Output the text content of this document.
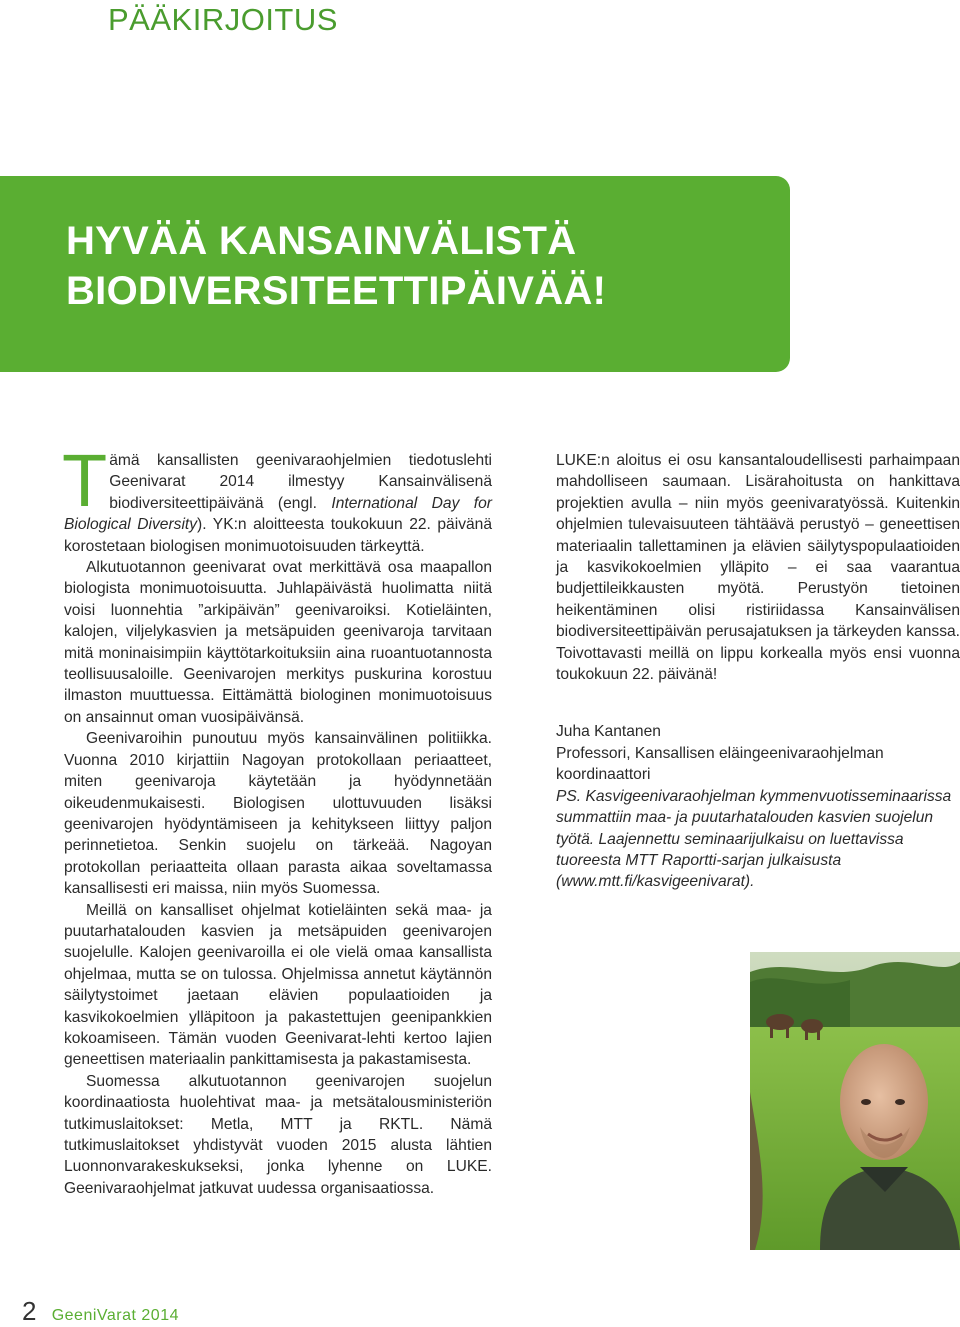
PÄÄKIRJOITUS
HYVÄÄ KANSAINVÄLISTÄ
BIODIVERSITEETTIPÄIVÄÄ!

Tämä kansallisten geenivaraohjelmien tiedotuslehti Geenivarat 2014 ilmestyy Kansainvälisenä biodiversiteettipäivänä (engl. International Day for Biological Diversity). YK:n aloitteesta toukokuun 22. päivänä korostetaan biologisen monimuotoisuuden tärkeyttä.

Alkutuotannon geenivarat ovat merkittävä osa maapallon biologista monimuotoisuutta. Juhlapäivästä huolimatta niitä voisi luonnehtia ”arkipäivän” geenivaroiksi. Kotieläinten, kalojen, viljelykasvien ja metsäpuiden geenivaroja tarvitaan mitä moninaisimpiin käyttötarkoituksiin aina ruoantuotannosta teollisuusaloille. Geenivarojen merkitys puskurina korostuu ilmaston muuttuessa. Eittämättä biologinen monimuotoisuus on ansainnut oman vuosipäivänsä.

Geenivaroihin punoutuu myös kansainvälinen politiikka. Vuonna 2010 kirjattiin Nagoyan protokollaan periaatteet, miten geenivaroja käytetään ja hyödynnetään oikeudenmukaisesti. Biologisen ulottuvuuden lisäksi geenivarojen hyödyntämiseen ja kehitykseen liittyy paljon perinnetietoa. Senkin suojelu on tärkeää. Nagoyan protokollan periaatteita ollaan parasta aikaa soveltamassa kansallisesti eri maissa, niin myös Suomessa.

Meillä on kansalliset ohjelmat kotieläinten sekä maa- ja puutarhatalouden kasvien ja metsäpuiden geenivarojen suojelulle. Kalojen geenivaroilla ei ole vielä omaa kansallista ohjelmaa, mutta se on tulossa. Ohjelmissa annetut käytännön säilytystoimet jaetaan elävien populaatioiden ja kasvikokoelmien ylläpitoon ja pakastettujen geenipankkien kokoamiseen. Tämän vuoden Geenivarat-lehti kertoo lajien geneettisen materiaalin pankittamisesta ja pakastamisesta.

Suomessa alkutuotannon geenivarojen suojelun koordinaatiosta huolehtivat maa- ja metsätalousministeriön tutkimuslaitokset: Metla, MTT ja RKTL. Nämä tutkimuslaitokset yhdistyvät vuoden 2015 alusta lähtien Luonnonvarakeskukseksi, jonka lyhenne on LUKE. Geenivaraohjelmat jatkuvat uudessa organisaatiossa.

LUKE:n aloitus ei osu kansantaloudellisesti parhaimpaan mahdolliseen saumaan. Lisärahoitusta on hankittava projektien avulla – niin myös geenivaratyössä. Kuitenkin ohjelmien tulevaisuuteen tähtäävä perustyö – geneettisen materiaalin tallettaminen ja elävien säilytyspopulaatioiden ja kasvikokoelmien ylläpito – ei saa vaarantua budjettileikkausten myötä. Perustyön tietoinen heikentäminen olisi ristiriidassa Kansainvälisen biodiversiteettipäivän perusajatuksen ja tärkeyden kanssa. Toivottavasti meillä on lippu korkealla myös ensi vuonna toukokuun 22. päivänä!

Juha Kantanen
Professori, Kansallisen eläingeenivaraohjelman
koordinaattori

PS. Kasvigeenivaraohjelman kymmenvuotisseminaarissa summattiin maa- ja puutarhatalouden kasvien suojelun työtä. Laajennettu seminaarijulkaisu on luettavissa tuoreesta MTT Raportti-sarjan julkaisusta (www.mtt.fi/kasvigeenivarat).

2 GeeniVarat 2014
